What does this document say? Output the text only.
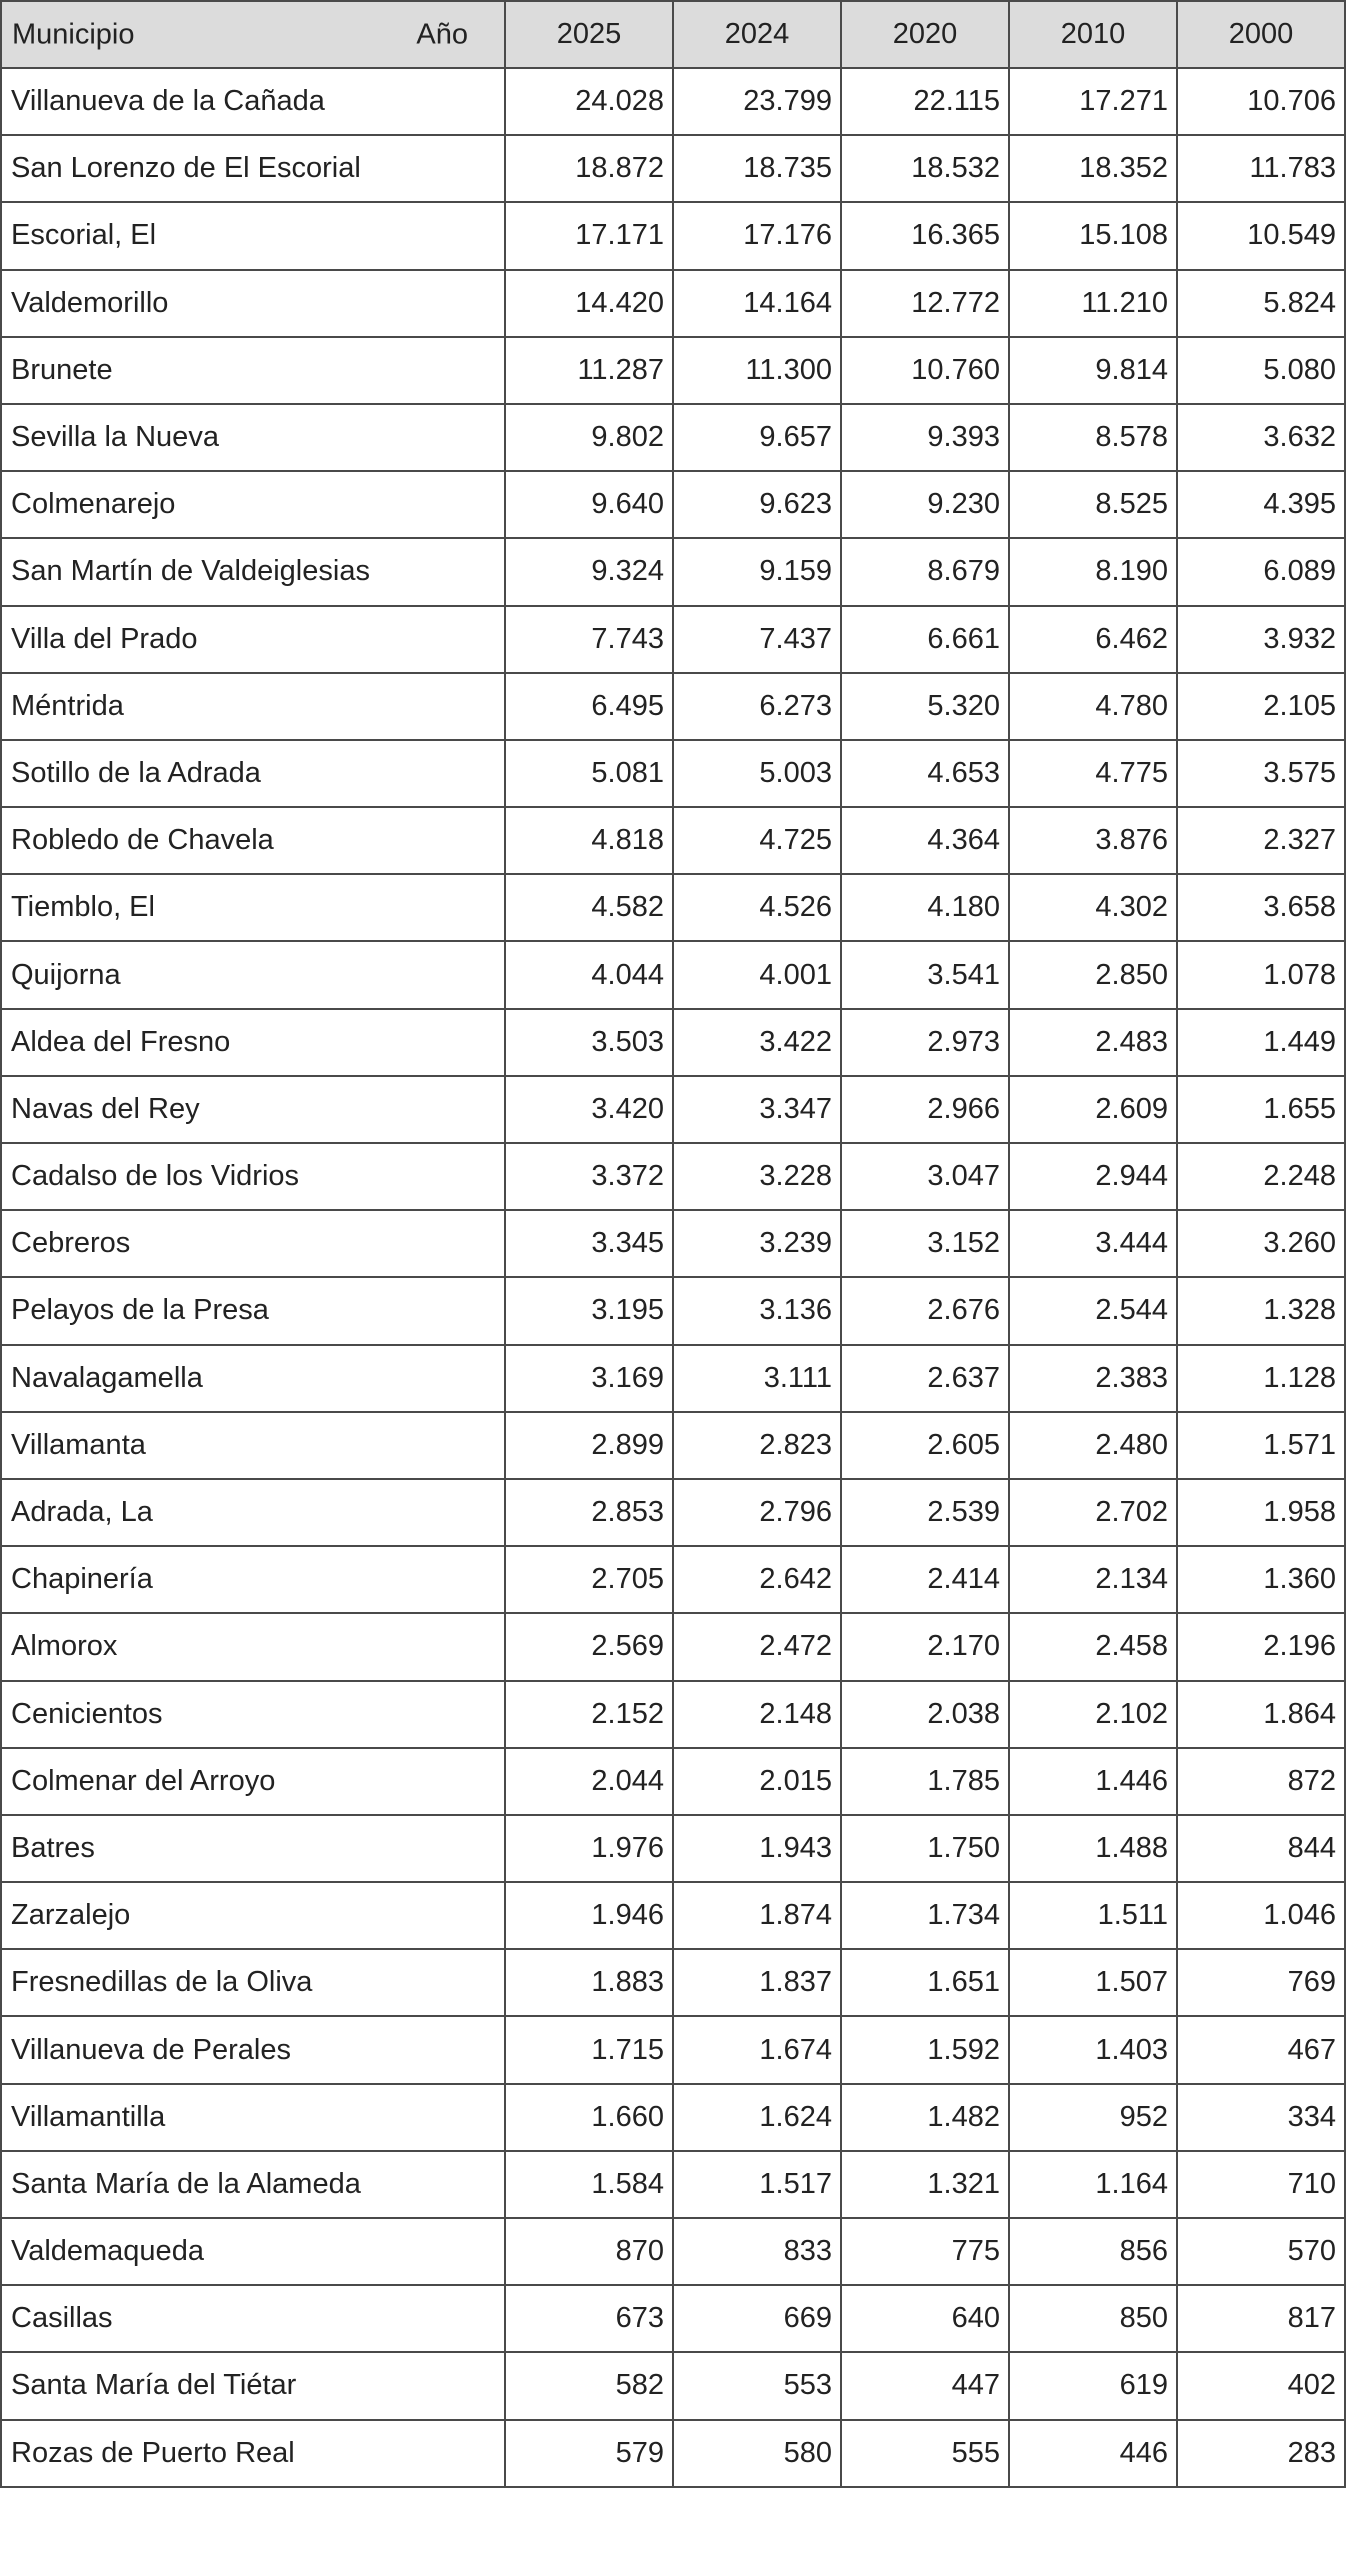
Municipio Año	2025	2024	2020	2010	2000
Villanueva de la Cañada	24.028	23.799	22.115	17.271	10.706
San Lorenzo de El Escorial	18.872	18.735	18.532	18.352	11.783
Escorial, El	17.171	17.176	16.365	15.108	10.549
Valdemorillo	14.420	14.164	12.772	11.210	5.824
Brunete	11.287	11.300	10.760	9.814	5.080
Sevilla la Nueva	9.802	9.657	9.393	8.578	3.632
Colmenarejo	9.640	9.623	9.230	8.525	4.395
San Martín de Valdeiglesias	9.324	9.159	8.679	8.190	6.089
Villa del Prado	7.743	7.437	6.661	6.462	3.932
Méntrida	6.495	6.273	5.320	4.780	2.105
Sotillo de la Adrada	5.081	5.003	4.653	4.775	3.575
Robledo de Chavela	4.818	4.725	4.364	3.876	2.327
Tiemblo, El	4.582	4.526	4.180	4.302	3.658
Quijorna	4.044	4.001	3.541	2.850	1.078
Aldea del Fresno	3.503	3.422	2.973	2.483	1.449
Navas del Rey	3.420	3.347	2.966	2.609	1.655
Cadalso de los Vidrios	3.372	3.228	3.047	2.944	2.248
Cebreros	3.345	3.239	3.152	3.444	3.260
Pelayos de la Presa	3.195	3.136	2.676	2.544	1.328
Navalagamella	3.169	3.111	2.637	2.383	1.128
Villamanta	2.899	2.823	2.605	2.480	1.571
Adrada, La	2.853	2.796	2.539	2.702	1.958
Chapinería	2.705	2.642	2.414	2.134	1.360
Almorox	2.569	2.472	2.170	2.458	2.196
Cenicientos	2.152	2.148	2.038	2.102	1.864
Colmenar del Arroyo	2.044	2.015	1.785	1.446	872
Batres	1.976	1.943	1.750	1.488	844
Zarzalejo	1.946	1.874	1.734	1.511	1.046
Fresnedillas de la Oliva	1.883	1.837	1.651	1.507	769
Villanueva de Perales	1.715	1.674	1.592	1.403	467
Villamantilla	1.660	1.624	1.482	952	334
Santa María de la Alameda	1.584	1.517	1.321	1.164	710
Valdemaqueda	870	833	775	856	570
Casillas	673	669	640	850	817
Santa María del Tiétar	582	553	447	619	402
Rozas de Puerto Real	579	580	555	446	283
